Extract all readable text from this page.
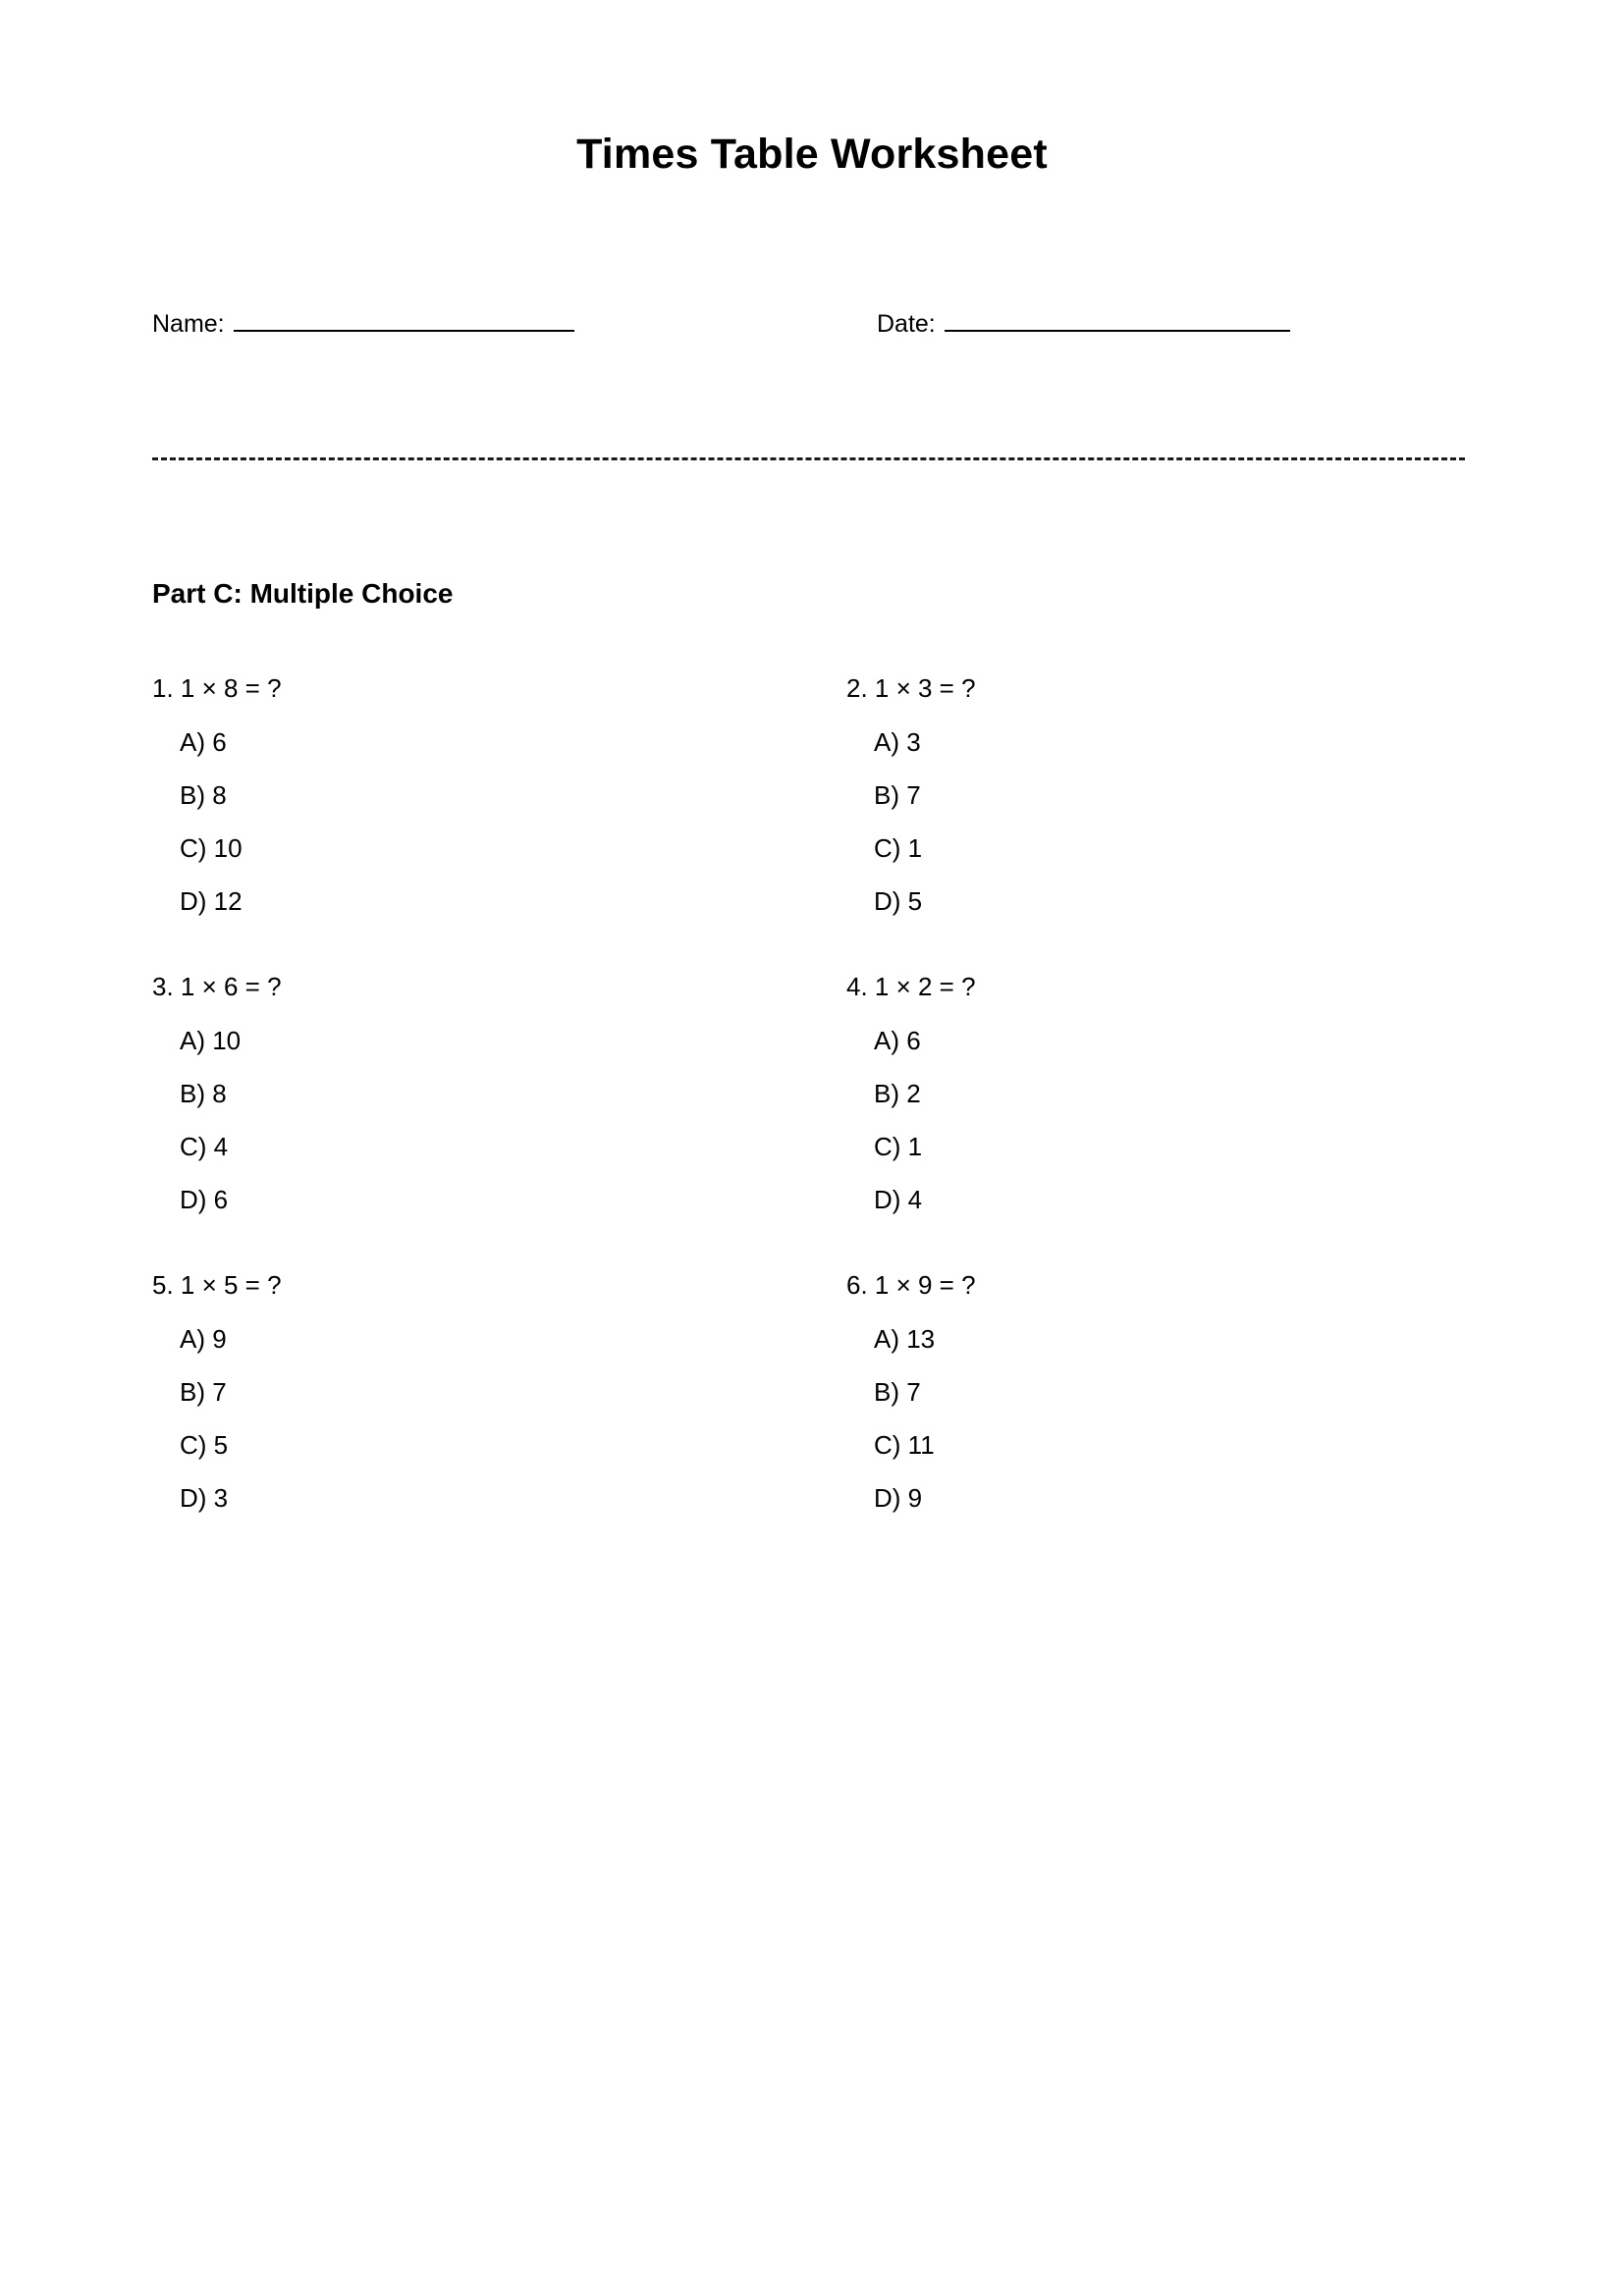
Times Table Worksheet
Name:	Date:
Part C: Multiple Choice
1. 1 × 8 = ?
A) 6
B) 8
C) 10
D) 12
2. 1 × 3 = ?
A) 3
B) 7
C) 1
D) 5
3. 1 × 6 = ?
A) 10
B) 8
C) 4
D) 6
4. 1 × 2 = ?
A) 6
B) 2
C) 1
D) 4
5. 1 × 5 = ?
A) 9
B) 7
C) 5
D) 3
6. 1 × 9 = ?
A) 13
B) 7
C) 11
D) 9
